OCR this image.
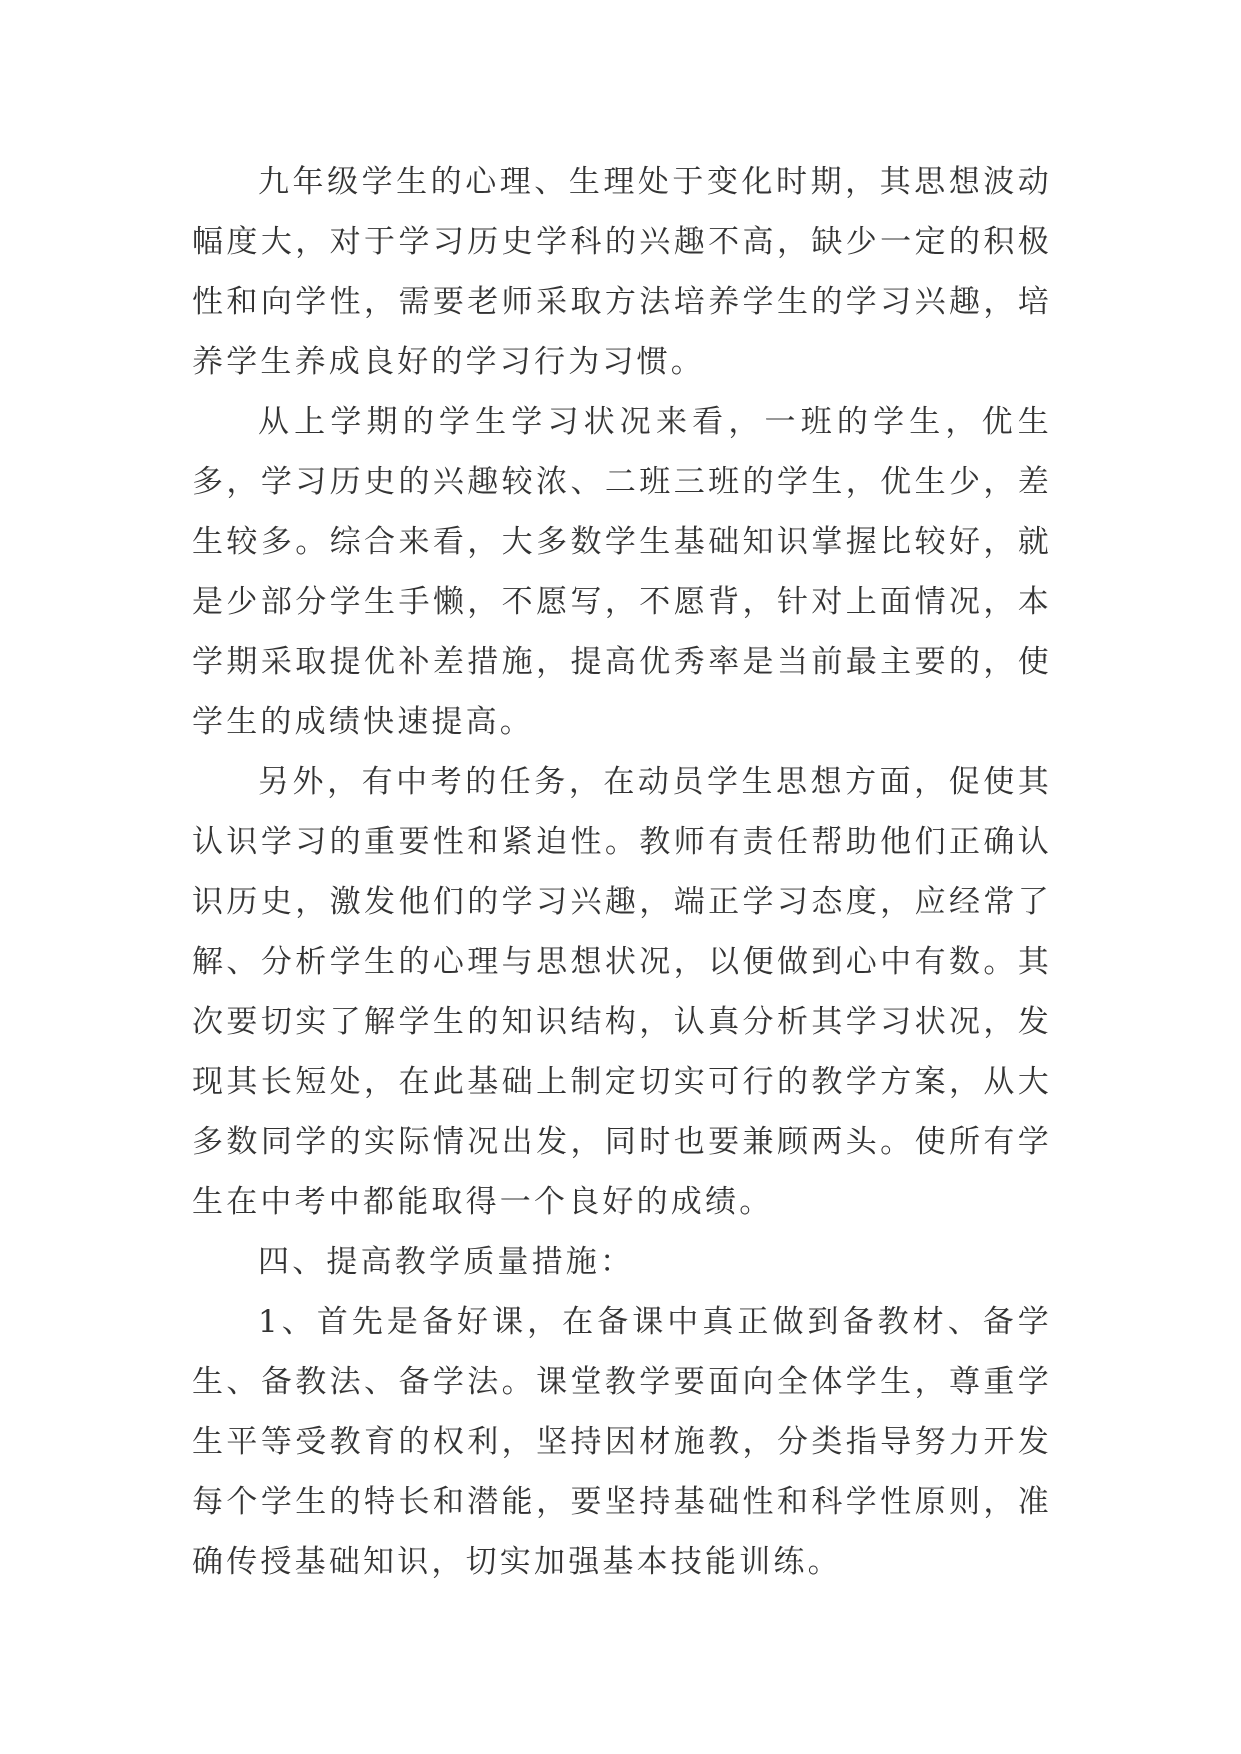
九年级学生的心理、生理处于变化时期，其思想波动幅度大，对于学习历史学科的兴趣不高，缺少一定的积极性和向学性，需要老师采取方法培养学生的学习兴趣，培养学生养成良好的学习行为习惯。

从上学期的学生学习状况来看，一班的学生，优生多，学习历史的兴趣较浓、二班三班的学生，优生少，差生较多。综合来看，大多数学生基础知识掌握比较好，就是少部分学生手懒，不愿写，不愿背，针对上面情况，本学期采取提优补差措施，提高优秀率是当前最主要的，使学生的成绩快速提高。

另外，有中考的任务，在动员学生思想方面，促使其认识学习的重要性和紧迫性。教师有责任帮助他们正确认识历史，激发他们的学习兴趣，端正学习态度，应经常了解、分析学生的心理与思想状况，以便做到心中有数。其次要切实了解学生的知识结构，认真分析其学习状况，发现其长短处，在此基础上制定切实可行的教学方案，从大多数同学的实际情况出发，同时也要兼顾两头。使所有学生在中考中都能取得一个良好的成绩。

四、提高教学质量措施：

1、首先是备好课，在备课中真正做到备教材、备学生、备教法、备学法。课堂教学要面向全体学生，尊重学生平等受教育的权利，坚持因材施教，分类指导努力开发每个学生的特长和潜能，要坚持基础性和科学性原则，准确传授基础知识，切实加强基本技能训练。
